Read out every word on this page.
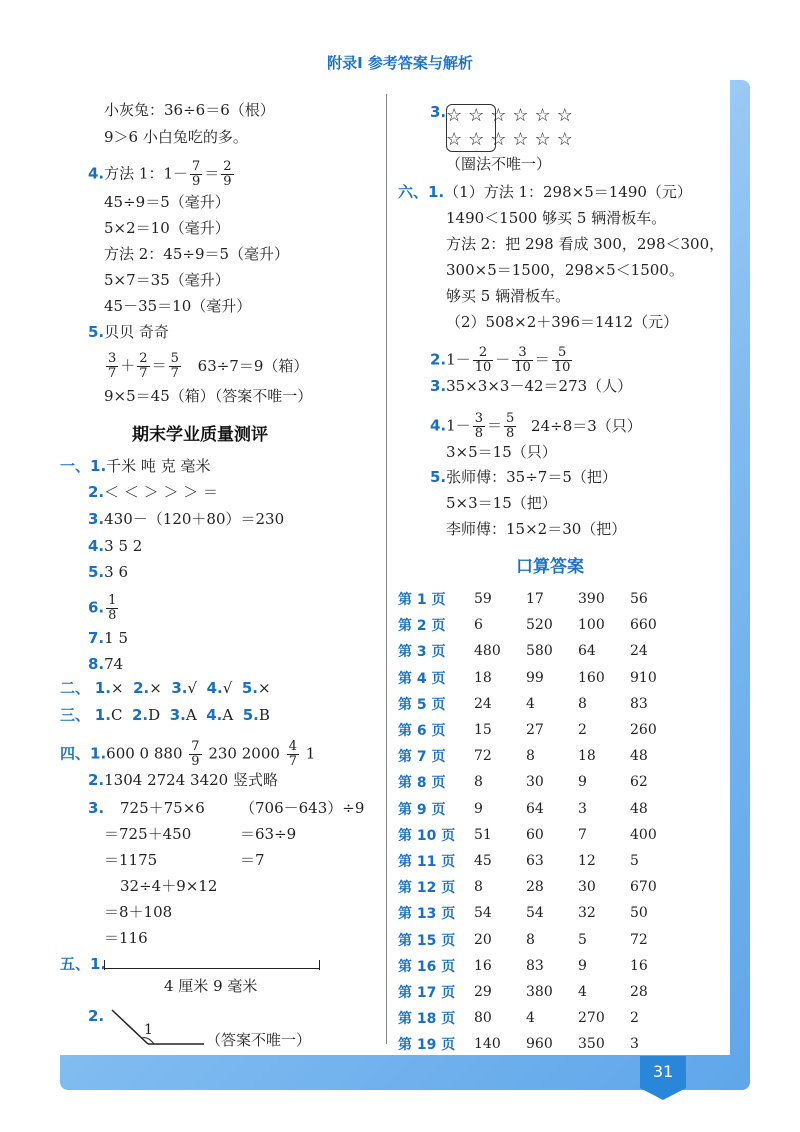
附录Ⅰ 参考答案与解析
小灰兔：36÷6＝6（根）
9＞6 小白兔吃的多。
4.方法 1：$1- \frac{7}{9} = \frac{2}{9}$
45÷9＝5（毫升）
5×2＝10（毫升）
方法 2：45÷9＝5（毫升）
5×7＝35（毫升）
45－35＝10（毫升）
5.贝贝 奇奇
$\frac{3}{7} + \frac{2}{7} = \frac{5}{7} 63\div 7=9$（箱）
9×5＝45（箱）（答案不唯一）
期末学业质量测评
一、1.千米 吨 克 毫米
2.＜ ＜ ＞ ＞ ＞ ＝
3.430－（120＋80）＝230
4.3 5 2
5.3 6
6. $\frac{1}{8}$
7.1 5
8.74
二、 1.× 2.× 3.√ 4.√ 5.×
三、 1.C 2.D 3.A 4.A 5.B
四、1.600 0 $880 \frac{7}{9} 230$ $2000 \frac{4}{7} 1$
2.1304 2724 3420 竖式略
3. 725＋75×6
＝725＋450
＝1175
（706－643）÷9
＝63÷9
＝7
32÷4＋9×12
＝8＋108
＝116
五、1.
4 厘米 9 毫米
2.
1
（答案不唯一）
3. ☆☆☆☆☆☆
☆☆☆☆☆☆
（圈法不唯一）
六、1.（1）方法 1：298×5＝1490（元）
1490＜1500 够买 5 辆滑板车。
方法 2：把 298 看成 300，298＜300，
300×5＝1500，298×5＜1500。
够买 5 辆滑板车。
（2）508×2＋396＝1412（元）
$2.1- \frac{2}{10} - \frac{3}{10} = \frac{5}{10}$
3.35×3×3－42＝273（人）
$4.1- \frac{3}{8} = \frac{5}{8} 24\div 8=3$（只）
3×5＝15（只）
5.张师傅：35÷7＝5（把）
5×3＝15（把）
李师傅：15×2＝30（把）
口算答案
第 1 页	59	17	390	56
第 2 页	6	520	100	660
第 3 页	480	580	64	24
第 4 页	18	99	160	910
第 5 页	24	4	8	83
第 6 页	15	27	2	260
第 7 页	72	8	18	48
第 8 页	8	30	9	62
第 9 页	9	64	3	48
第 10 页	51	60	7	400
第 11 页	45	63	12	5
第 12 页	8	28	30	670
第 13 页	54	54	32	50
第 15 页	20	8	5	72
第 16 页	16	83	9	16
第 17 页	29	380	4	28
第 18 页	80	4	270	2
第 19 页	140	960	350	3
31
